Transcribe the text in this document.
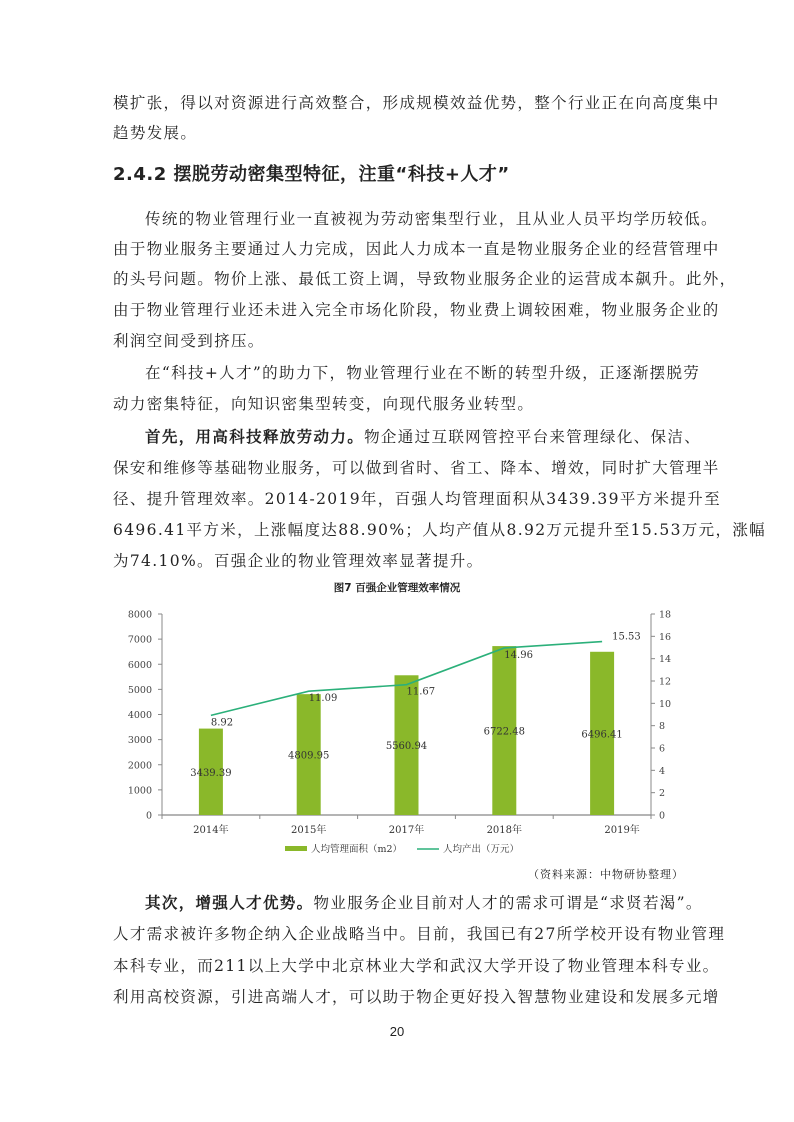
模扩张，得以对资源进行高效整合，形成规模效益优势，整个行业正在向高度集中
趋势发展。
2.4.2 摆脱劳动密集型特征，注重“科技+人才”
传统的物业管理行业一直被视为劳动密集型行业，且从业人员平均学历较低。
由于物业服务主要通过人力完成，因此人力成本一直是物业服务企业的经营管理中
的头号问题。物价上涨、最低工资上调，导致物业服务企业的运营成本飙升。此外，
由于物业管理行业还未进入完全市场化阶段，物业费上调较困难，物业服务企业的
利润空间受到挤压。
在“科技+人才”的助力下，物业管理行业在不断的转型升级，正逐渐摆脱劳
动力密集特征，向知识密集型转变，向现代服务业转型。
首先，用高科技释放劳动力。物企通过互联网管控平台来管理绿化、保洁、
保安和维修等基础物业服务，可以做到省时、省工、降本、增效，同时扩大管理半
径、提升管理效率。2014-2019年，百强人均管理面积从3439.39平方米提升至
6496.41平方米，上涨幅度达88.90%；人均产值从8.92万元提升至15.53万元，涨幅
为74.10%。百强企业的物业管理效率显著提升。
图7 百强企业管理效率情况
0
1000
2000
3000
4000
5000
6000
7000
8000
0
2
4
6
8
10
12
14
16
18
3439.39
2014年
4809.95
2015年
5560.94
2017年
6722.48
2018年
6496.41
2019年
8.92
11.09
11.67
14.96
15.53
人均管理面积（m2）	人均产出（万元）
（资料来源：中物研协整理）
其次，增强人才优势。物业服务企业目前对人才的需求可谓是“求贤若渴”。
人才需求被许多物企纳入企业战略当中。目前，我国已有27所学校开设有物业管理
本科专业，而211以上大学中北京林业大学和武汉大学开设了物业管理本科专业。
利用高校资源，引进高端人才，可以助于物企更好投入智慧物业建设和发展多元增
20
